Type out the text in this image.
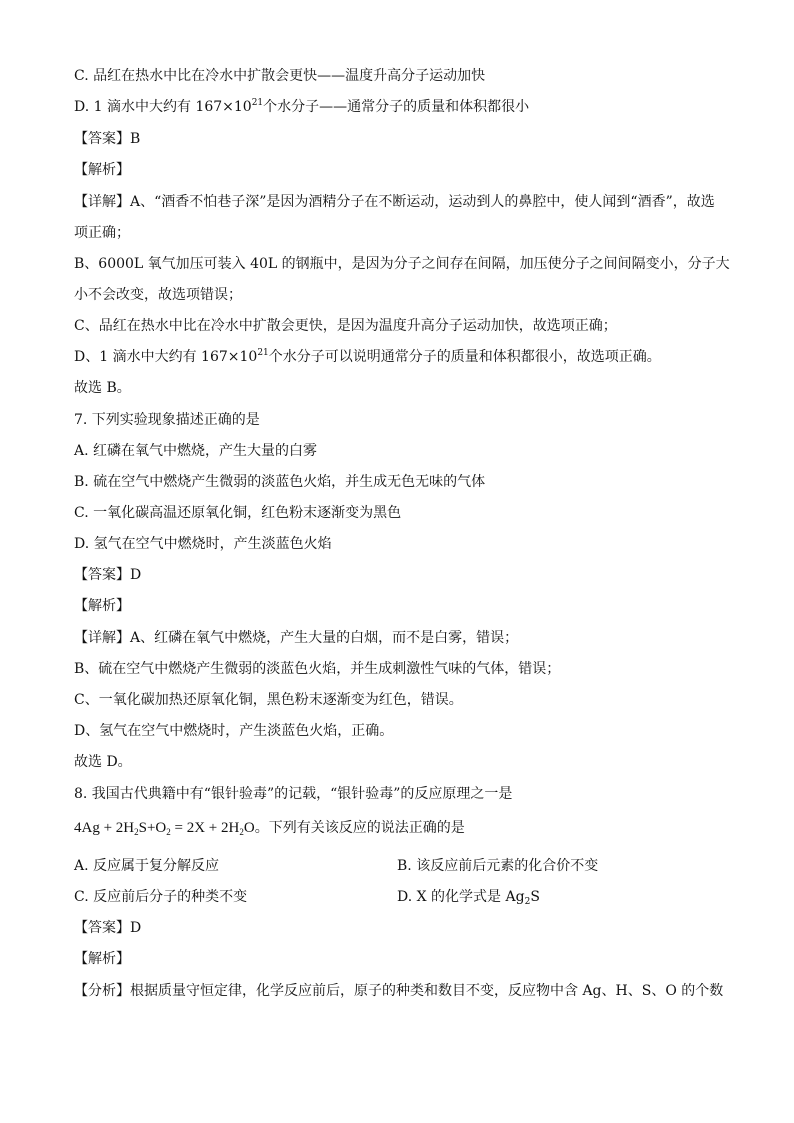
C. 品红在热水中比在冷水中扩散会更快——温度升高分子运动加快
D. 1 滴水中大约有 $167\times 10^{21}$个水分子——通常分子的质量和体积都很小
【答案】B
【解析】
【详解】A、“酒香不怕巷子深”是因为酒精分子在不断运动，运动到人的鼻腔中，使人闻到“酒香”，故选
项正确；
B、6000L 氧气加压可装入 40L 的钢瓶中，是因为分子之间存在间隔，加压使分子之间间隔变小，分子大
小不会改变，故选项错误；
C、品红在热水中比在冷水中扩散会更快，是因为温度升高分子运动加快，故选项正确；
D、1 滴水中大约有 $167\times 10^{21}$个水分子可以说明通常分子的质量和体积都很小，故选项正确。
故选 B。
7. 下列实验现象描述正确的是
A. 红磷在氧气中燃烧，产生大量的白雾
B. 硫在空气中燃烧产生微弱的淡蓝色火焰，并生成无色无味的气体
C. 一氧化碳高温还原氧化铜，红色粉末逐渐变为黑色
D. 氢气在空气中燃烧时，产生淡蓝色火焰
【答案】D
【解析】
【详解】A、红磷在氧气中燃烧，产生大量的白烟，而不是白雾，错误；
B、硫在空气中燃烧产生微弱的淡蓝色火焰，并生成刺激性气味的气体，错误；
C、一氧化碳加热还原氧化铜，黑色粉末逐渐变为红色，错误。
D、氢气在空气中燃烧时，产生淡蓝色火焰，正确。
故选 D。
8. 我国古代典籍中有“银针验毒”的记载，“银针验毒”的反应原理之一是
$4Ag + 2H_2S+O_2 = 2X + 2H_2O$。下列有关该反应的说法正确的是
A. 反应属于复分解反应	B. 该反应前后元素的化合价不变
C. 反应前后分子的种类不变	D. X 的化学式是 $Ag_2S$
【答案】D
【解析】
【分析】根据质量守恒定律，化学反应前后，原子的种类和数目不变，反应物中含 Ag、H、S、O 的个数
